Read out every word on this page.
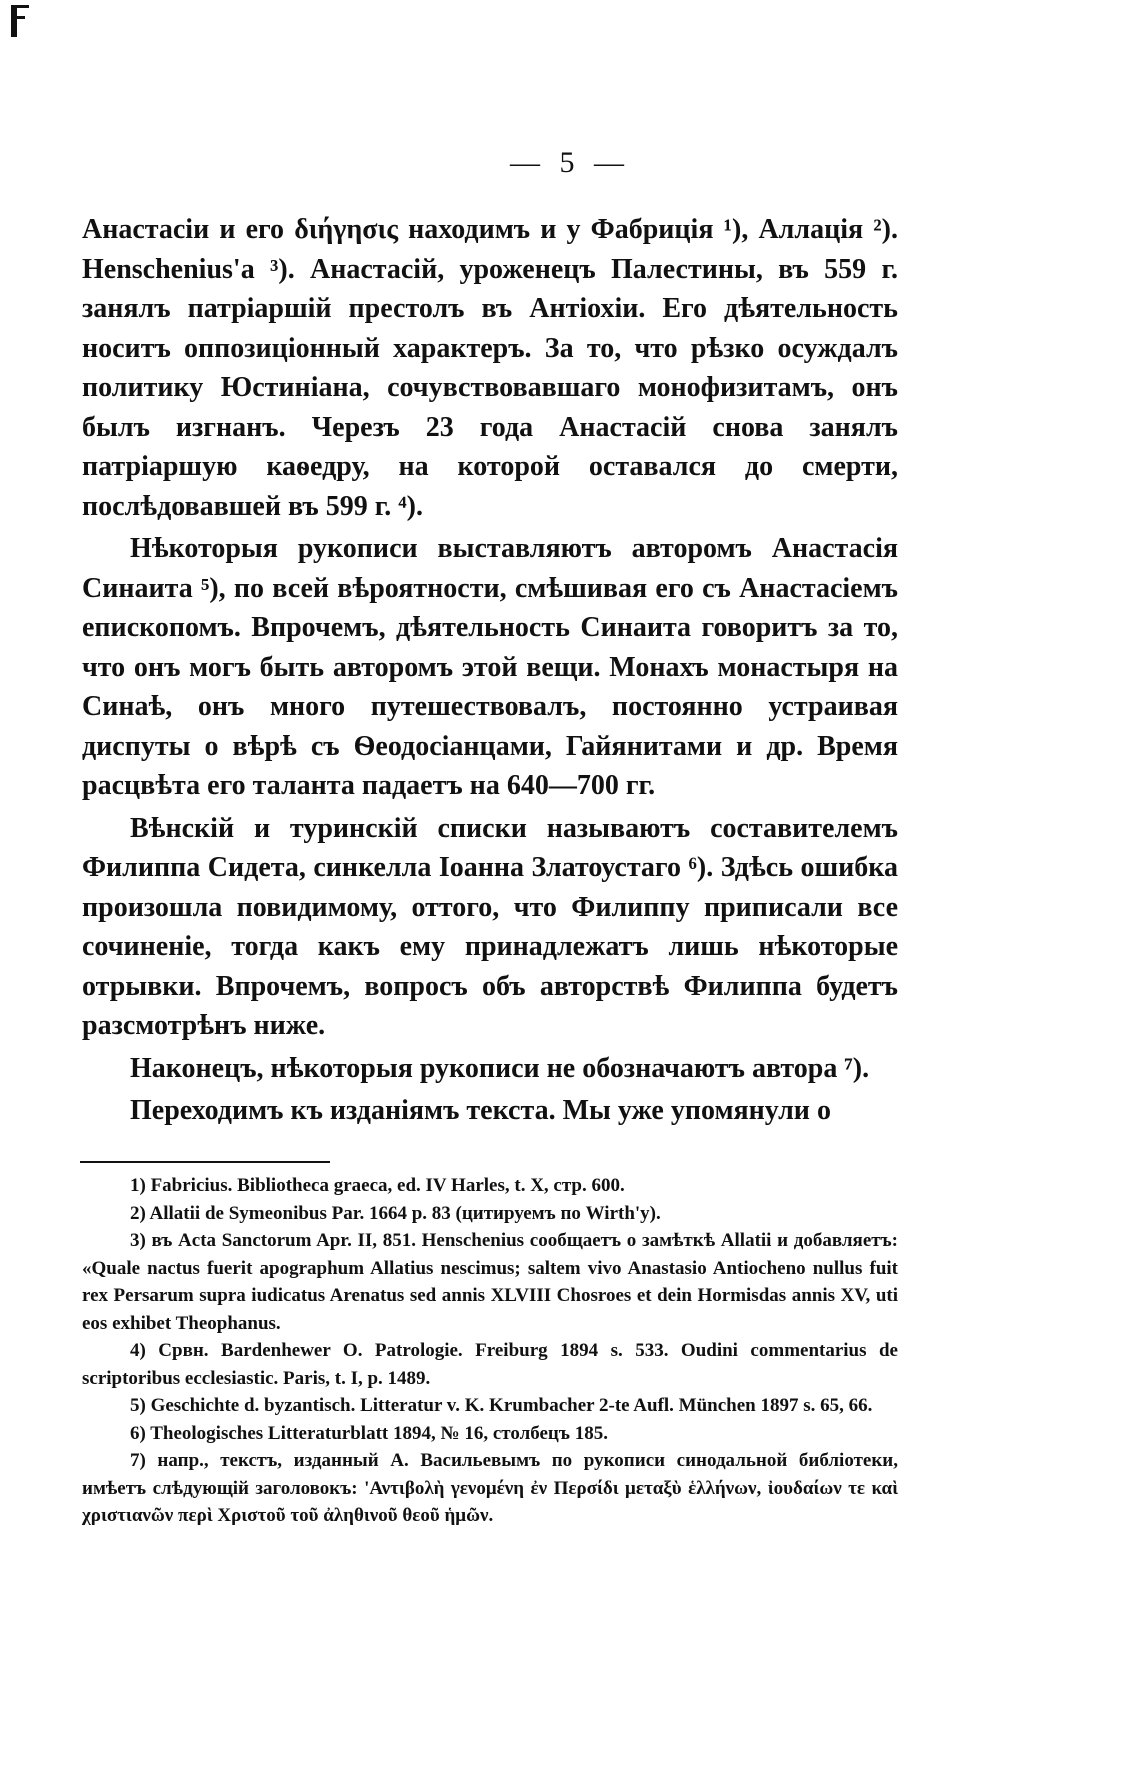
— 5 —

Анастасіи и его διήγησις находимъ и у Фабриція ¹), Аллація ²). Henschenius'a ³). Анастасій, уроженецъ Палестины, въ 559 г. занялъ патріаршій престолъ въ Антіохіи. Его дѣятельность носитъ оппозиціонный характеръ. За то, что рѣзко осуждалъ политику Юстиніана, сочувствовавшаго монофизитамъ, онъ былъ изгнанъ. Черезъ 23 года Анастасій снова занялъ патріаршую каѳедру, на которой оставался до смерти, послѣдовавшей въ 599 г. ⁴).

Нѣкоторыя рукописи выставляютъ авторомъ Анастасія Синаита ⁵), по всей вѣроятности, смѣшивая его съ Анастасіемъ епископомъ. Впрочемъ, дѣятельность Синаита говоритъ за то, что онъ могъ быть авторомъ этой вещи. Монахъ монастыря на Синаѣ, онъ много путешествовалъ, постоянно устраивая диспуты о вѣрѣ съ Ѳеодосіанцами, Гайянитами и др. Время расцвѣта его таланта падаетъ на 640—700 гг.

Вѣнскій и туринскій списки называютъ составителемъ Филиппа Сидета, синкелла Іоанна Златоустаго ⁶). Здѣсь ошибка произошла повидимому, оттого, что Филиппу приписали все сочиненіе, тогда какъ ему принадлежатъ лишь нѣкоторые отрывки. Впрочемъ, вопросъ объ авторствѣ Филиппа будетъ разсмотрѣнъ ниже.

Наконецъ, нѣкоторыя рукописи не обозначаютъ автора ⁷).

Переходимъ къ изданіямъ текста. Мы уже упомянули о

1) Fabricius. Bibliotheca graeca, ed. IV Harles, t. X, стр. 600.

2) Allatii de Symeonibus Par. 1664 p. 83 (цитируемъ по Wirth'y).

3) въ Acta Sanctorum Apr. II, 851. Henschenius сообщаетъ о замѣткѣ Allatii и добавляетъ: «Quale nactus fuerit apographum Allatius nescimus; saltem vivo Anastasio Antiocheno nullus fuit rex Persarum supra iudicatus Arenatus sed annis XLVIII Chosroes et dein Hormisdas annis XV, uti eos exhibet Theophanus.

4) Срвн. Bardenhewer O. Patrologie. Freiburg 1894 s. 533. Oudini commentarius de scriptoribus ecclesiastic. Paris, t. I, p. 1489.

5) Geschichte d. byzantisch. Litteratur v. K. Krumbacher 2-te Aufl. München 1897 s. 65, 66.

6) Theologisches Litteraturblatt 1894, № 16, столбецъ 185.

7) напр., текстъ, изданный А. Васильевымъ по рукописи синодальной библіотеки, имѣетъ слѣдующій заголовокъ: 'Αντιβολὴ γενομένη ἐν Περσίδι μεταξὺ ἑλλήνων, ἰουδαίων τε καὶ χριστιανῶν περὶ Χριστοῦ τοῦ ἀληθινοῦ θεοῦ ἡμῶν.
